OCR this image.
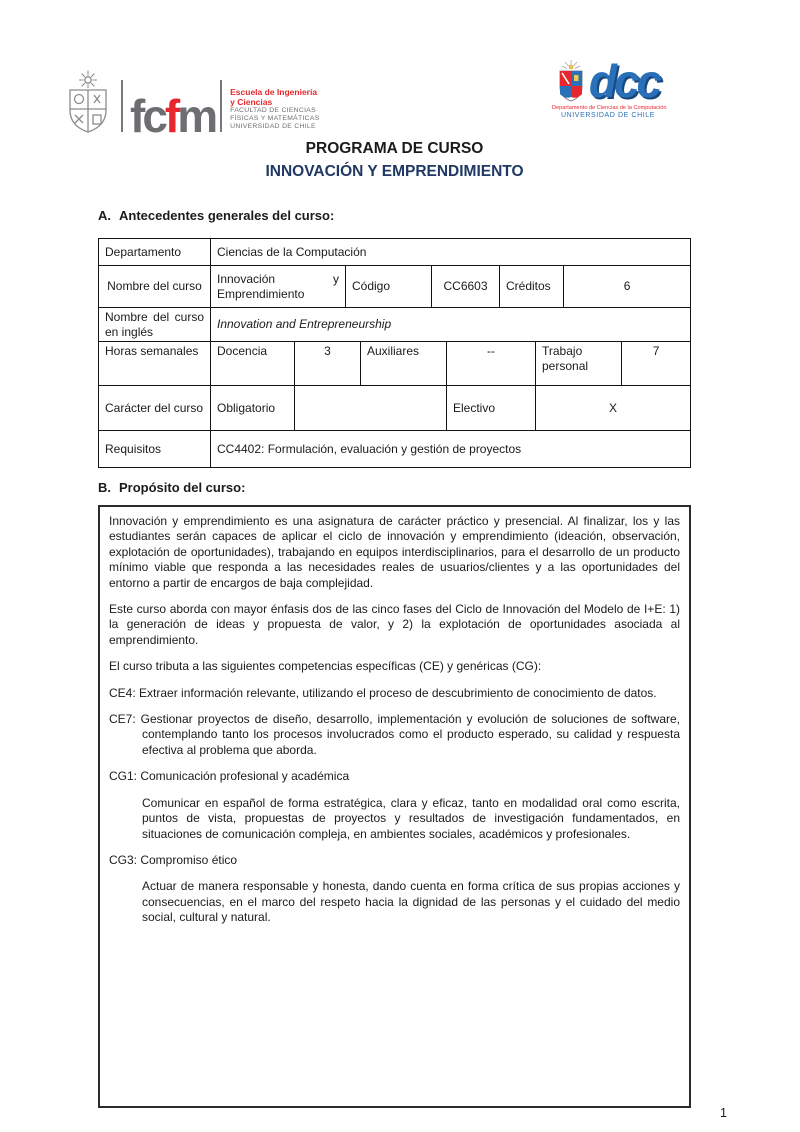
fcfm Escuela de Ingeniería
y Ciencias
FACULTAD DE CIENCIAS
FÍSICAS Y MATEMÁTICAS
UNIVERSIDAD DE CHILE
dcc
Departamento de Ciencias de la Computación
UNIVERSIDAD DE CHILE
PROGRAMA DE CURSO
INNOVACIÓN Y EMPRENDIMIENTO
A. Antecedentes generales del curso:
Departamento	Ciencias de la Computación									
Nombre del curso	Innovación y Emprendimiento		Código		CC6603		Créditos		6	
Nombre del curso en inglés	Innovation and Entrepreneurship									
Horas semanales	Docencia	3		Auxiliares		--		Trabajo personal		7
Carácter del curso	Obligatorio					Electivo		X		
Requisitos	CC4402: Formulación, evaluación y gestión de proyectos									
B. Propósito del curso:

Innovación y emprendimiento es una asignatura de carácter práctico y presencial. Al finalizar, los y las estudiantes serán capaces de aplicar el ciclo de innovación y emprendimiento (ideación, observación, explotación de oportunidades), trabajando en equipos interdisciplinarios, para el desarrollo de un producto mínimo viable que responda a las necesidades reales de usuarios/clientes y a las oportunidades del entorno a partir de encargos de baja complejidad.

Este curso aborda con mayor énfasis dos de las cinco fases del Ciclo de Innovación del Modelo de I+E: 1) la generación de ideas y propuesta de valor, y 2) la explotación de oportunidades asociada al emprendimiento.

El curso tributa a las siguientes competencias específicas (CE) y genéricas (CG):

CE4: Extraer información relevante, utilizando el proceso de descubrimiento de conocimiento de datos.

CE7: Gestionar proyectos de diseño, desarrollo, implementación y evolución de soluciones de software, contemplando tanto los procesos involucrados como el producto esperado, su calidad y respuesta efectiva al problema que aborda.

CG1: Comunicación profesional y académica

Comunicar en español de forma estratégica, clara y eficaz, tanto en modalidad oral como escrita, puntos de vista, propuestas de proyectos y resultados de investigación fundamentados, en situaciones de comunicación compleja, en ambientes sociales, académicos y profesionales.

CG3: Compromiso ético

Actuar de manera responsable y honesta, dando cuenta en forma crítica de sus propias acciones y consecuencias, en el marco del respeto hacia la dignidad de las personas y el cuidado del medio social, cultural y natural.

1
